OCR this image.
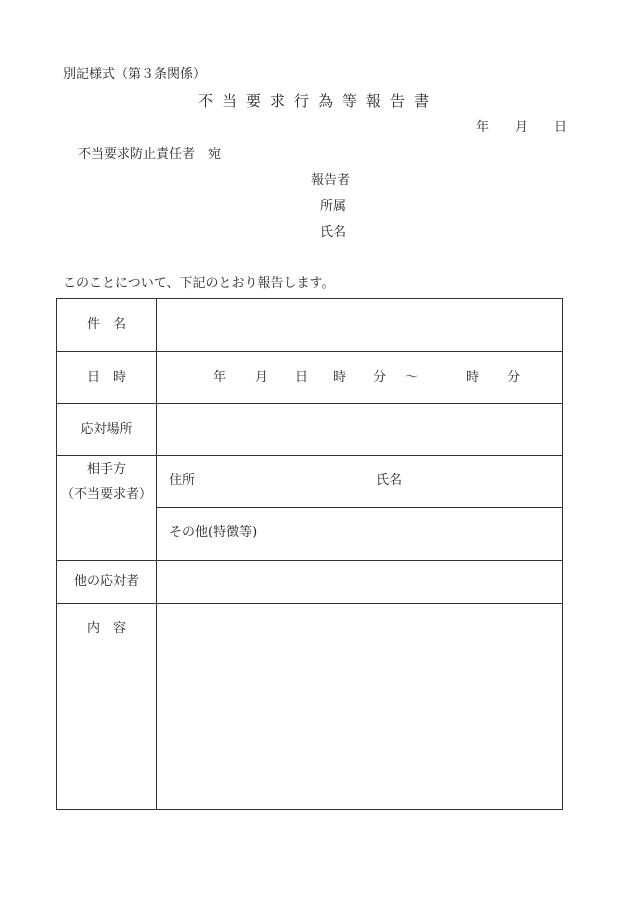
別記様式（第３条関係）
不当要求行為等報告書
年 月 日
不当要求防止責任者　宛
報告者
所属
氏名
このことについて、下記のとおり報告します。
件　名
日　時	年 月 日 時 分 ～	時 分
応対場所
相手方
（不当要求者）
住所	氏名
その他(特徴等)
他の応対者
内　容
